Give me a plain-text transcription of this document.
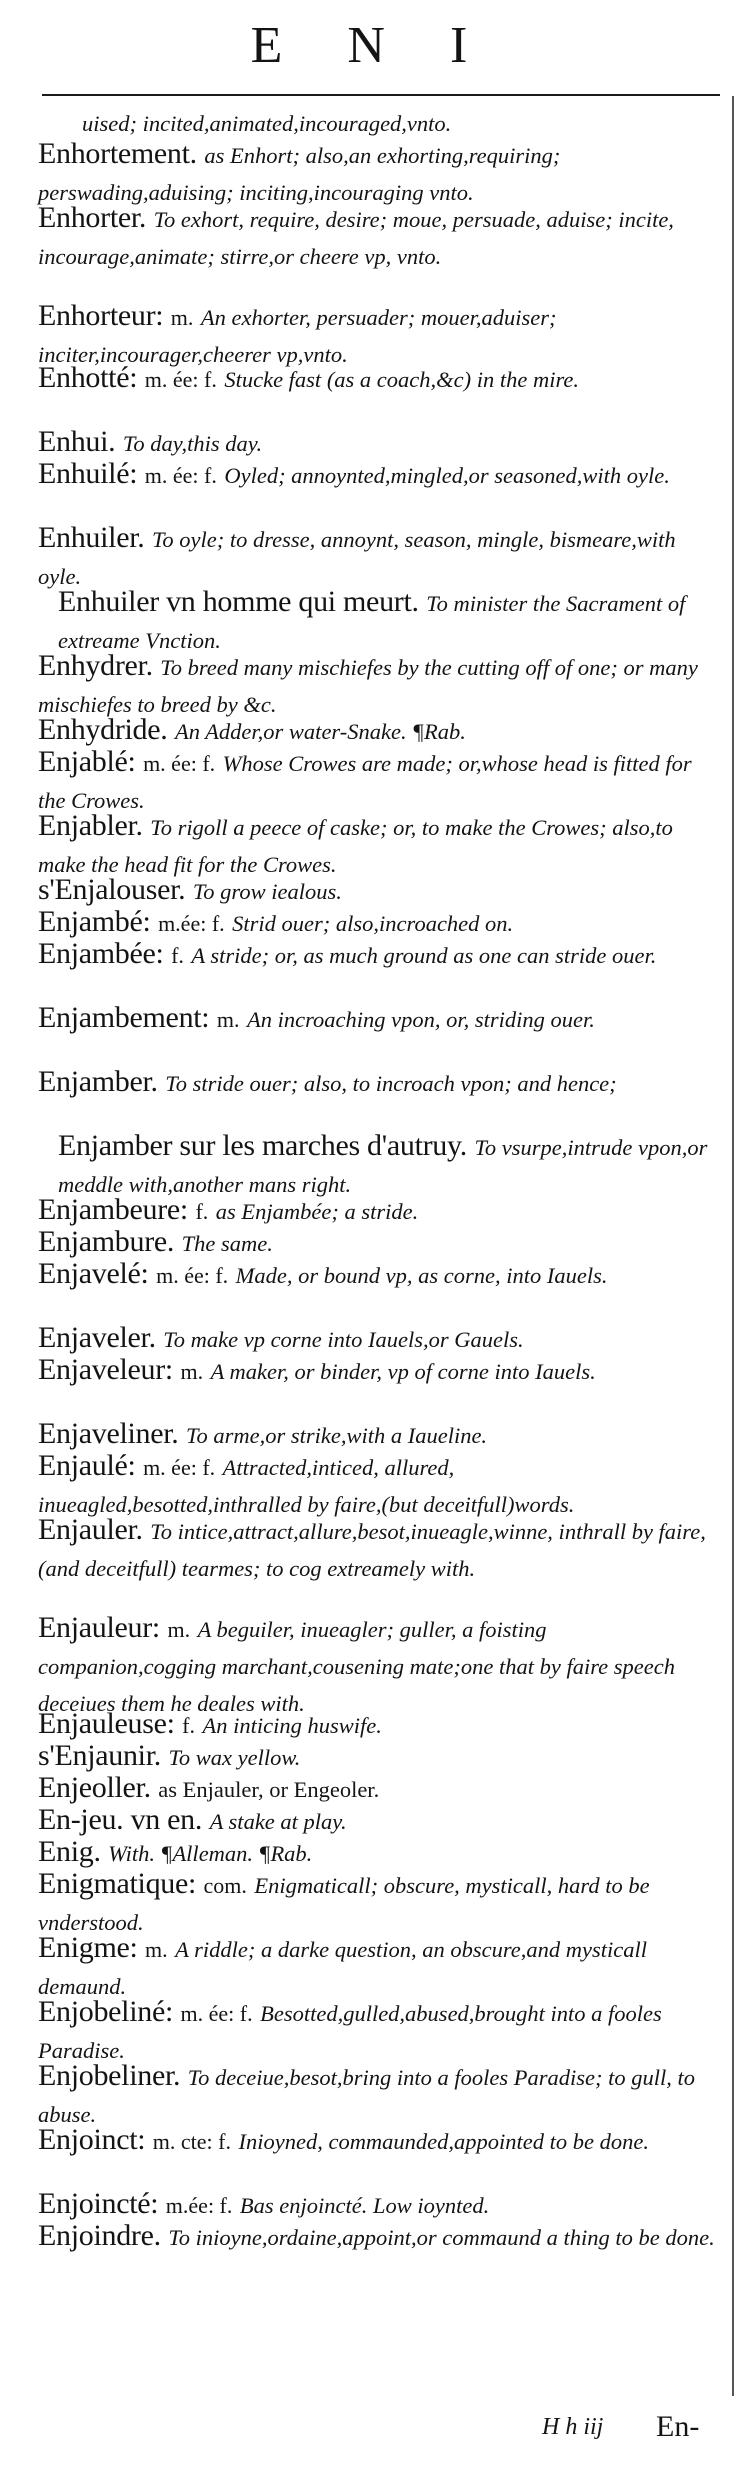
E N I

uised; incited,animated,incouraged,vnto.

Enhortement. as Enhort; also,an exhorting,requiring; perswading,aduising; inciting,incouraging vnto.

Enhorter. To exhort, require, desire; moue, persuade, aduise; incite, incourage,animate; stirre,or cheere vp, vnto.

Enhorteur: m. An exhorter, persuader; mouer,aduiser; inciter,incourager,cheerer vp,vnto.

Enhotté: m. ée: f. Stucke fast (as a coach,&c) in the mire.

Enhui. To day,this day.

Enhuilé: m. ée: f. Oyled; annoynted,mingled,or seasoned,with oyle.

Enhuiler. To oyle; to dresse, annoynt, season, mingle, bismeare,with oyle.

Enhuiler vn homme qui meurt. To minister the Sacrament of extreame Vnction.

Enhydrer. To breed many mischiefes by the cutting off of one; or many mischiefes to breed by &c.

Enhydride. An Adder,or water-Snake. ¶Rab.

Enjablé: m. ée: f. Whose Crowes are made; or,whose head is fitted for the Crowes.

Enjabler. To rigoll a peece of caske; or, to make the Crowes; also,to make the head fit for the Crowes.

s'Enjalouser. To grow iealous.

Enjambé: m.ée: f. Strid ouer; also,incroached on.

Enjambée: f. A stride; or, as much ground as one can stride ouer.

Enjambement: m. An incroaching vpon, or, striding ouer.

Enjamber. To stride ouer; also, to incroach vpon; and hence;

Enjamber sur les marches d'autruy. To vsurpe,intrude vpon,or meddle with,another mans right.

Enjambeure: f. as Enjambée; a stride.

Enjambure. The same.

Enjavelé: m. ée: f. Made, or bound vp, as corne, into Iauels.

Enjaveler. To make vp corne into Iauels,or Gauels.

Enjaveleur: m. A maker, or binder, vp of corne into Iauels.

Enjaveliner. To arme,or strike,with a Iaueline.

Enjaulé: m. ée: f. Attracted,inticed, allured, inueagled,besotted,inthralled by faire,(but deceitfull)words.

Enjauler. To intice,attract,allure,besot,inueagle,winne, inthrall by faire,(and deceitfull) tearmes; to cog extreamely with.

Enjauleur: m. A beguiler, inueagler; guller, a foisting companion,cogging marchant,cousening mate;one that by faire speech deceiues them he deales with.

Enjauleuse: f. An inticing huswife.

s'Enjaunir. To wax yellow.

Enjeoller. as Enjauler, or Engeoler.

En-jeu. vn en. A stake at play.

Enig. With. ¶Alleman. ¶Rab.

Enigmatique: com. Enigmaticall; obscure, mysticall, hard to be vnderstood.

Enigme: m. A riddle; a darke question, an obscure,and mysticall demaund.

Enjobeliné: m. ée: f. Besotted,gulled,abused,brought into a fooles Paradise.

Enjobeliner. To deceiue,besot,bring into a fooles Paradise; to gull, to abuse.

Enjoinct: m. cte: f. Inioyned, commaunded,appointed to be done.

Enjoincté: m.ée: f. Bas enjoincté. Low ioynted.

Enjoindre. To inioyne,ordaine,appoint,or commaund a thing to be done.

H h iij En-
